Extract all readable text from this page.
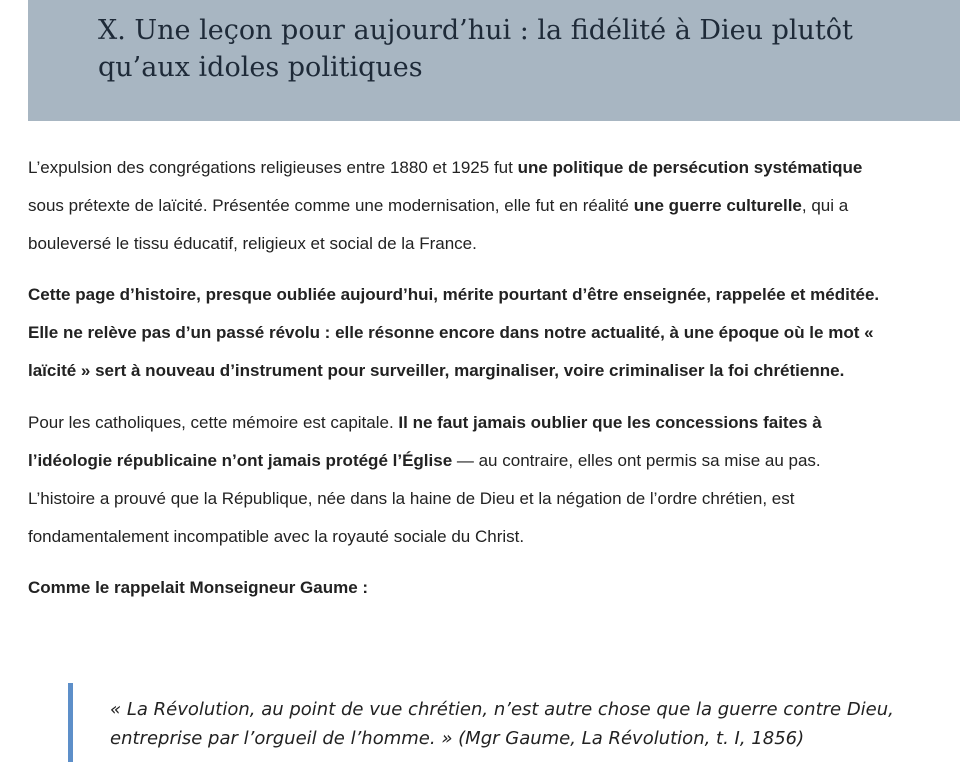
X. Une leçon pour aujourd’hui : la fidélité à Dieu plutôt
qu’aux idoles politiques

L’expulsion des congrégations religieuses entre 1880 et 1925 fut une politique de persécution systématique
sous prétexte de laïcité. Présentée comme une modernisation, elle fut en réalité une guerre culturelle, qui a
bouleversé le tissu éducatif, religieux et social de la France.

Cette page d’histoire, presque oubliée aujourd’hui, mérite pourtant d’être enseignée, rappelée et méditée.
Elle ne relève pas d’un passé révolu : elle résonne encore dans notre actualité, à une époque où le mot «
laïcité » sert à nouveau d’instrument pour surveiller, marginaliser, voire criminaliser la foi chrétienne.

Pour les catholiques, cette mémoire est capitale. Il ne faut jamais oublier que les concessions faites à
l’idéologie républicaine n’ont jamais protégé l’Église — au contraire, elles ont permis sa mise au pas.
L’histoire a prouvé que la République, née dans la haine de Dieu et la négation de l’ordre chrétien, est
fondamentalement incompatible avec la royauté sociale du Christ.

Comme le rappelait Monseigneur Gaume :

« La Révolution, au point de vue chrétien, n’est autre chose que la guerre contre Dieu,
entreprise par l’orgueil de l’homme. » (Mgr Gaume, La Révolution, t. I, 1856)
